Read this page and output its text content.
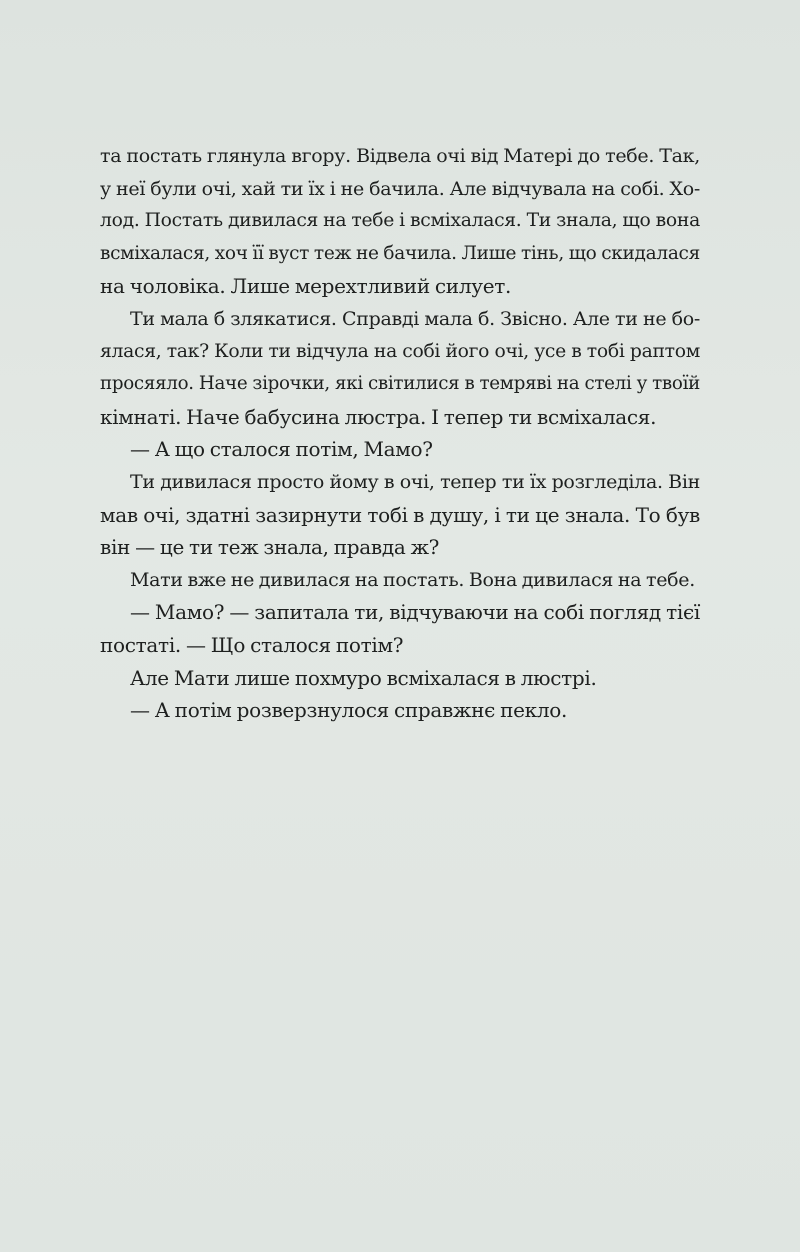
та постать глянула вгору. Відвела очі від Матері до тебе. Так,
у неї були очі, хай ти їх і не бачила. Але відчувала на собі. Хо-
лод. Постать дивилася на тебе і всміхалася. Ти знала, що вона
всміхалася, хоч її вуст теж не бачила. Лише тінь, що скидалася
на чоловіка. Лише мерехтливий силует.
Ти мала б злякатися. Справді мала б. Звісно. Але ти не бо-
ялася, так? Коли ти відчула на собі його очі, усе в тобі раптом
просяяло. Наче зірочки, які світилися в темряві на стелі у твоїй
кімнаті. Наче бабусина люстра. І тепер ти всміхалася.
— А що сталося потім, Мамо?
Ти дивилася просто йому в очі, тепер ти їх розгледіла. Він
мав очі, здатні зазирнути тобі в душу, і ти це знала. То був
він — це ти теж знала, правда ж?
Мати вже не дивилася на постать. Вона дивилася на тебе.
— Мамо? — запитала ти, відчуваючи на собі погляд тієї
постаті. — Що сталося потім?
Але Мати лише похмуро всміхалася в люстрі.
— А потім розверзнулося справжнє пекло.
